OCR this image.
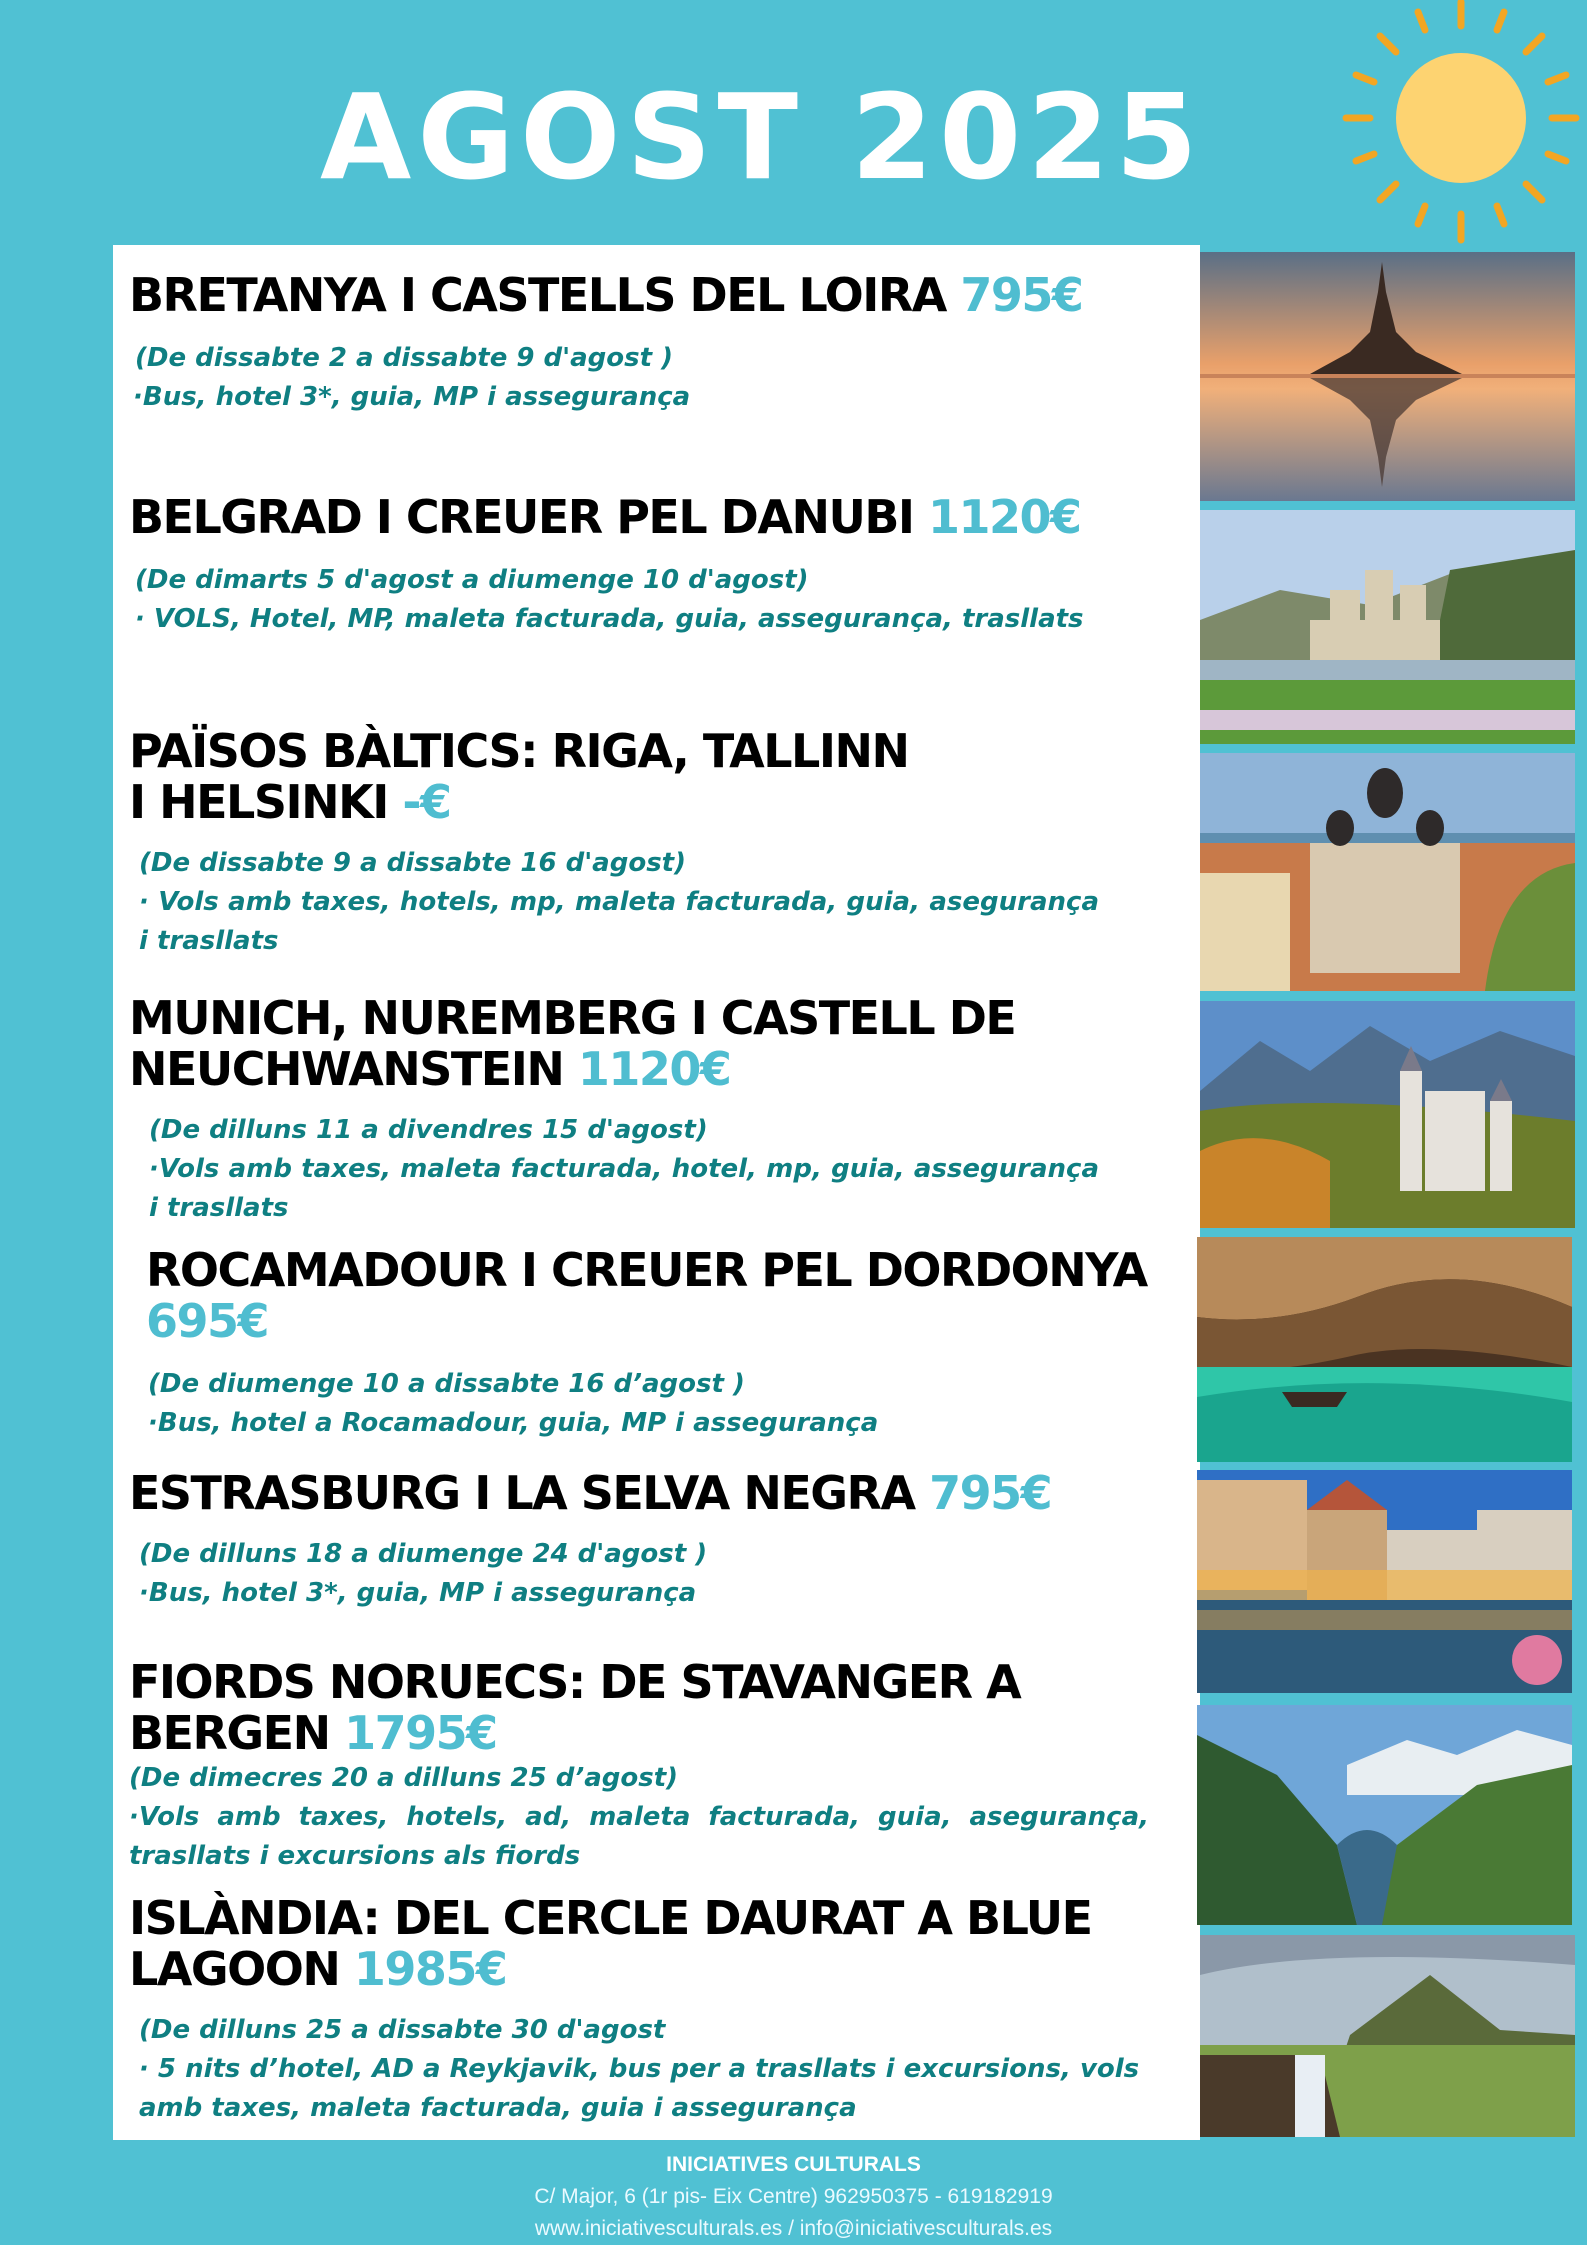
AGOST 2025
BRETANYA I CASTELLS DEL LOIRA 795€
(De dissabte 2 a dissabte 9 d'agost )
·Bus, hotel 3*, guia, MP i assegurança
BELGRAD I CREUER PEL DANUBI 1120€
(De dimarts 5 d'agost a diumenge 10 d'agost)
· VOLS, Hotel, MP, maleta facturada, guia, assegurança, trasllats
PAÏSOS BÀLTICS: RIGA, TALLINN
I HELSINKI -€
(De dissabte 9 a dissabte 16 d'agost)
· Vols amb taxes, hotels, mp, maleta facturada, guia, asegurança i trasllats
MUNICH, NUREMBERG I CASTELL DE
NEUCHWANSTEIN 1120€
(De dilluns 11 a divendres 15 d'agost)
·Vols amb taxes, maleta facturada, hotel, mp, guia, assegurança i trasllats
ROCAMADOUR I CREUER PEL DORDONYA
695€
(De diumenge 10 a dissabte 16 d’agost )
·Bus, hotel a Rocamadour, guia, MP i assegurança
ESTRASBURG I LA SELVA NEGRA 795€
(De dilluns 18 a diumenge 24 d'agost )
·Bus, hotel 3*, guia, MP i assegurança
FIORDS NORUECS: DE STAVANGER A
BERGEN 1795€
(De dimecres 20 a dilluns 25 d’agost)
·Vols amb taxes, hotels, ad, maleta facturada, guia, asegurança, trasllats i excursions als fiords
ISLÀNDIA: DEL CERCLE DAURAT A BLUE
LAGOON 1985€
(De dilluns 25 a dissabte 30 d'agost
· 5 nits d’hotel, AD a Reykjavik, bus per a trasllats i excursions, vols amb taxes, maleta facturada, guia i assegurança
INICIATIVES CULTURALS
C/ Major, 6 (1r pis- Eix Centre) 962950375 - 619182919
www.iniciativesculturals.es / info@iniciativesculturals.es
